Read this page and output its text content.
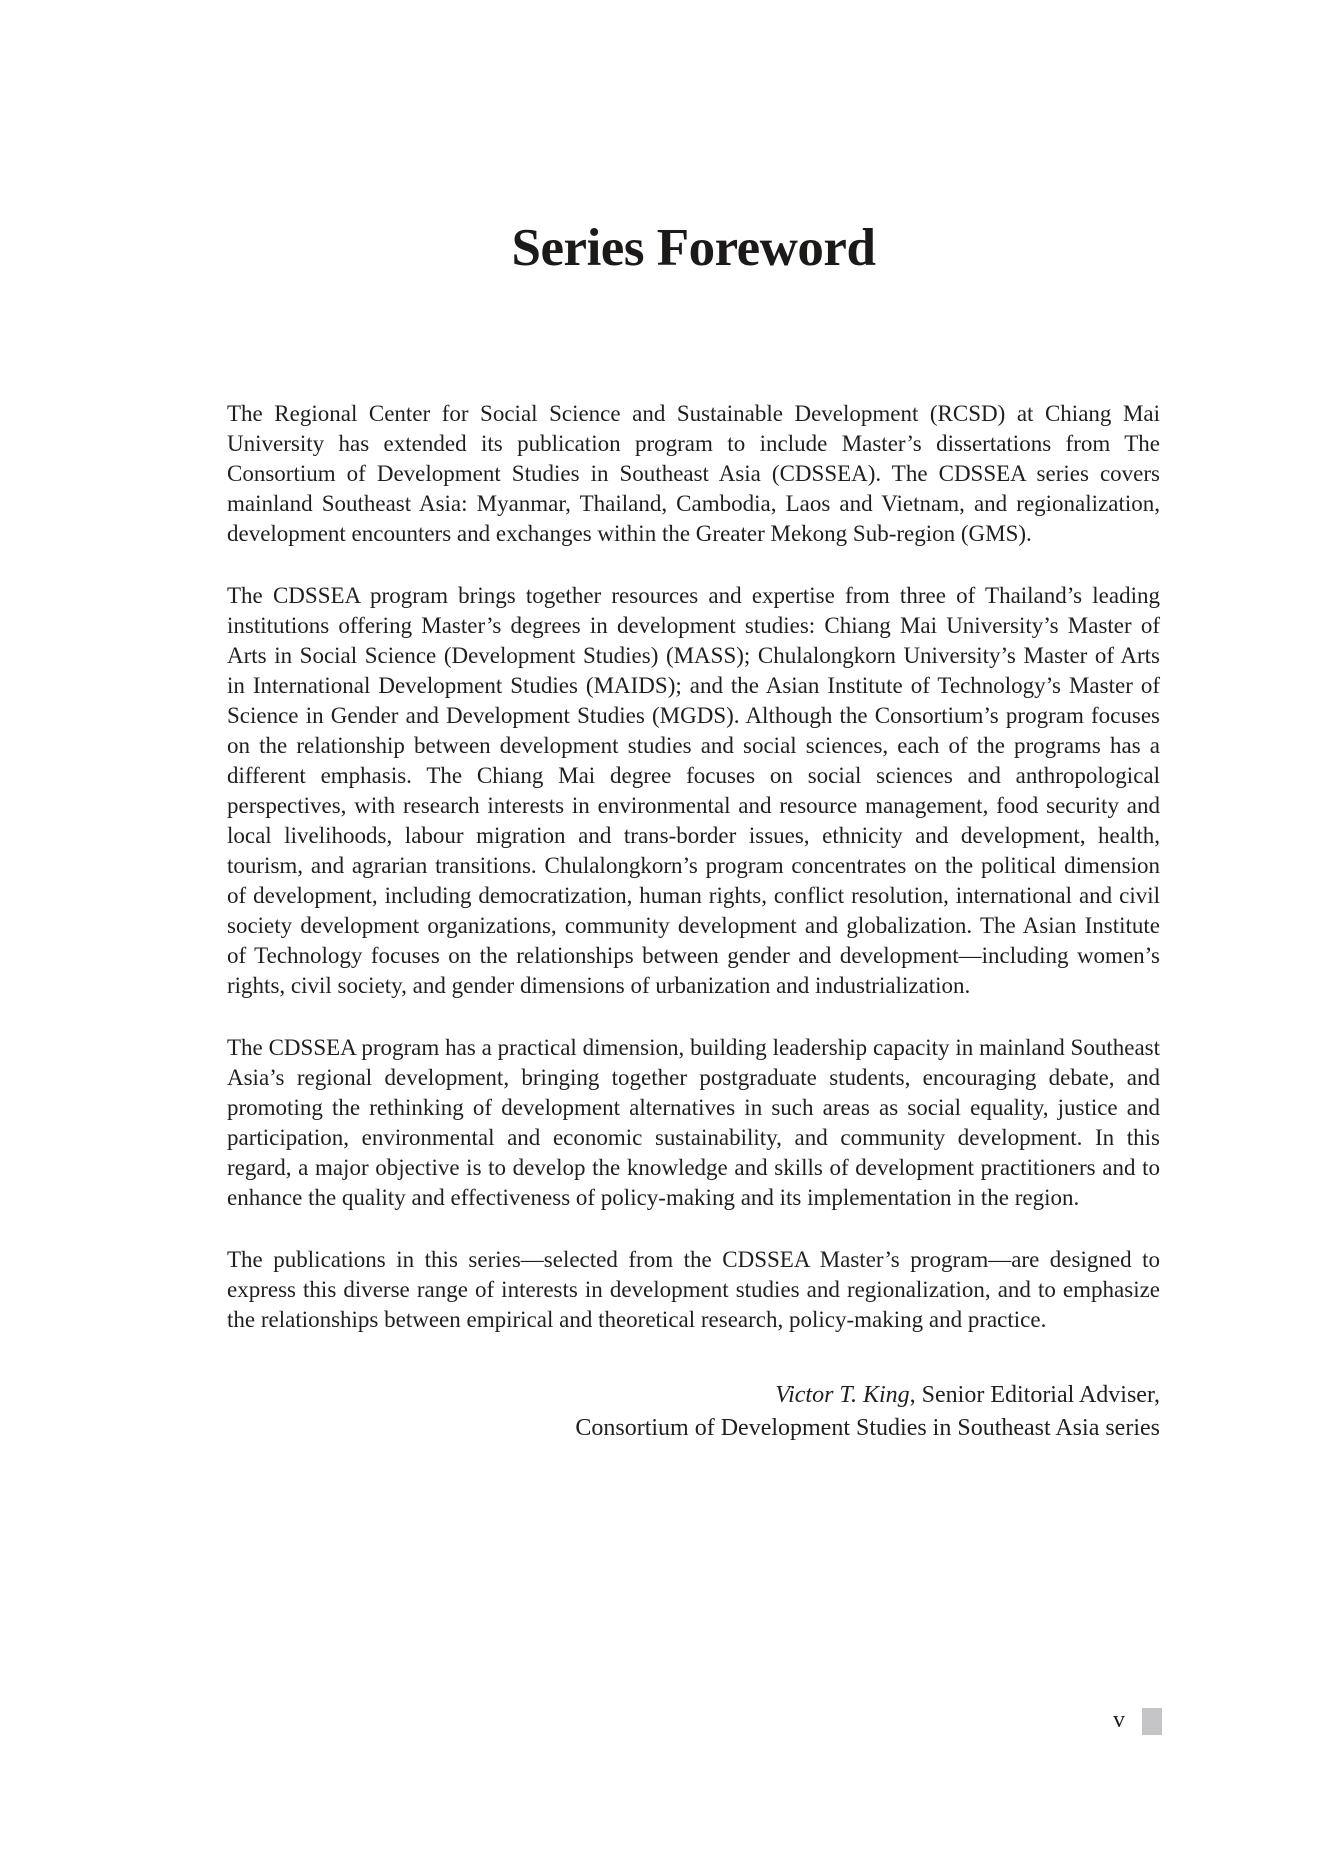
Series Foreword

The Regional Center for Social Science and Sustainable Development (RCSD) at Chiang Mai University has extended its publication program to include Master’s dissertations from The Consortium of Development Studies in Southeast Asia (CDSSEA). The CDSSEA series covers mainland Southeast Asia: Myanmar, Thailand, Cambodia, Laos and Vietnam, and regionalization, development encounters and exchanges within the Greater Mekong Sub-region (GMS).

The CDSSEA program brings together resources and expertise from three of Thailand’s leading institutions offering Master’s degrees in development studies: Chiang Mai University’s Master of Arts in Social Science (Development Studies) (MASS); Chulalongkorn University’s Master of Arts in International Development Studies (MAIDS); and the Asian Institute of Technology’s Master of Science in Gender and Development Studies (MGDS). Although the Consortium’s program focuses on the relationship between development studies and social sciences, each of the programs has a different emphasis. The Chiang Mai degree focuses on social sciences and anthropological perspectives, with research interests in environmental and resource management, food security and local livelihoods, labour migration and trans-border issues, ethnicity and development, health, tourism, and agrarian transitions. Chulalongkorn’s program concentrates on the political dimension of development, including democratization, human rights, conflict resolution, international and civil society development organizations, community development and globalization. The Asian Institute of Technology focuses on the relationships between gender and development—including women’s rights, civil society, and gender dimensions of urbanization and industrialization.

The CDSSEA program has a practical dimension, building leadership capacity in mainland Southeast Asia’s regional development, bringing together postgraduate students, encouraging debate, and promoting the rethinking of development alternatives in such areas as social equality, justice and participation, environmental and economic sustainability, and community development. In this regard, a major objective is to develop the knowledge and skills of development practitioners and to enhance the quality and effectiveness of policy-making and its implementation in the region.

The publications in this series—selected from the CDSSEA Master’s program—are designed to express this diverse range of interests in development studies and regionalization, and to emphasize the relationships between empirical and theoretical research, policy-making and practice.

Victor T. King, Senior Editorial Adviser,
Consortium of Development Studies in Southeast Asia series
v
